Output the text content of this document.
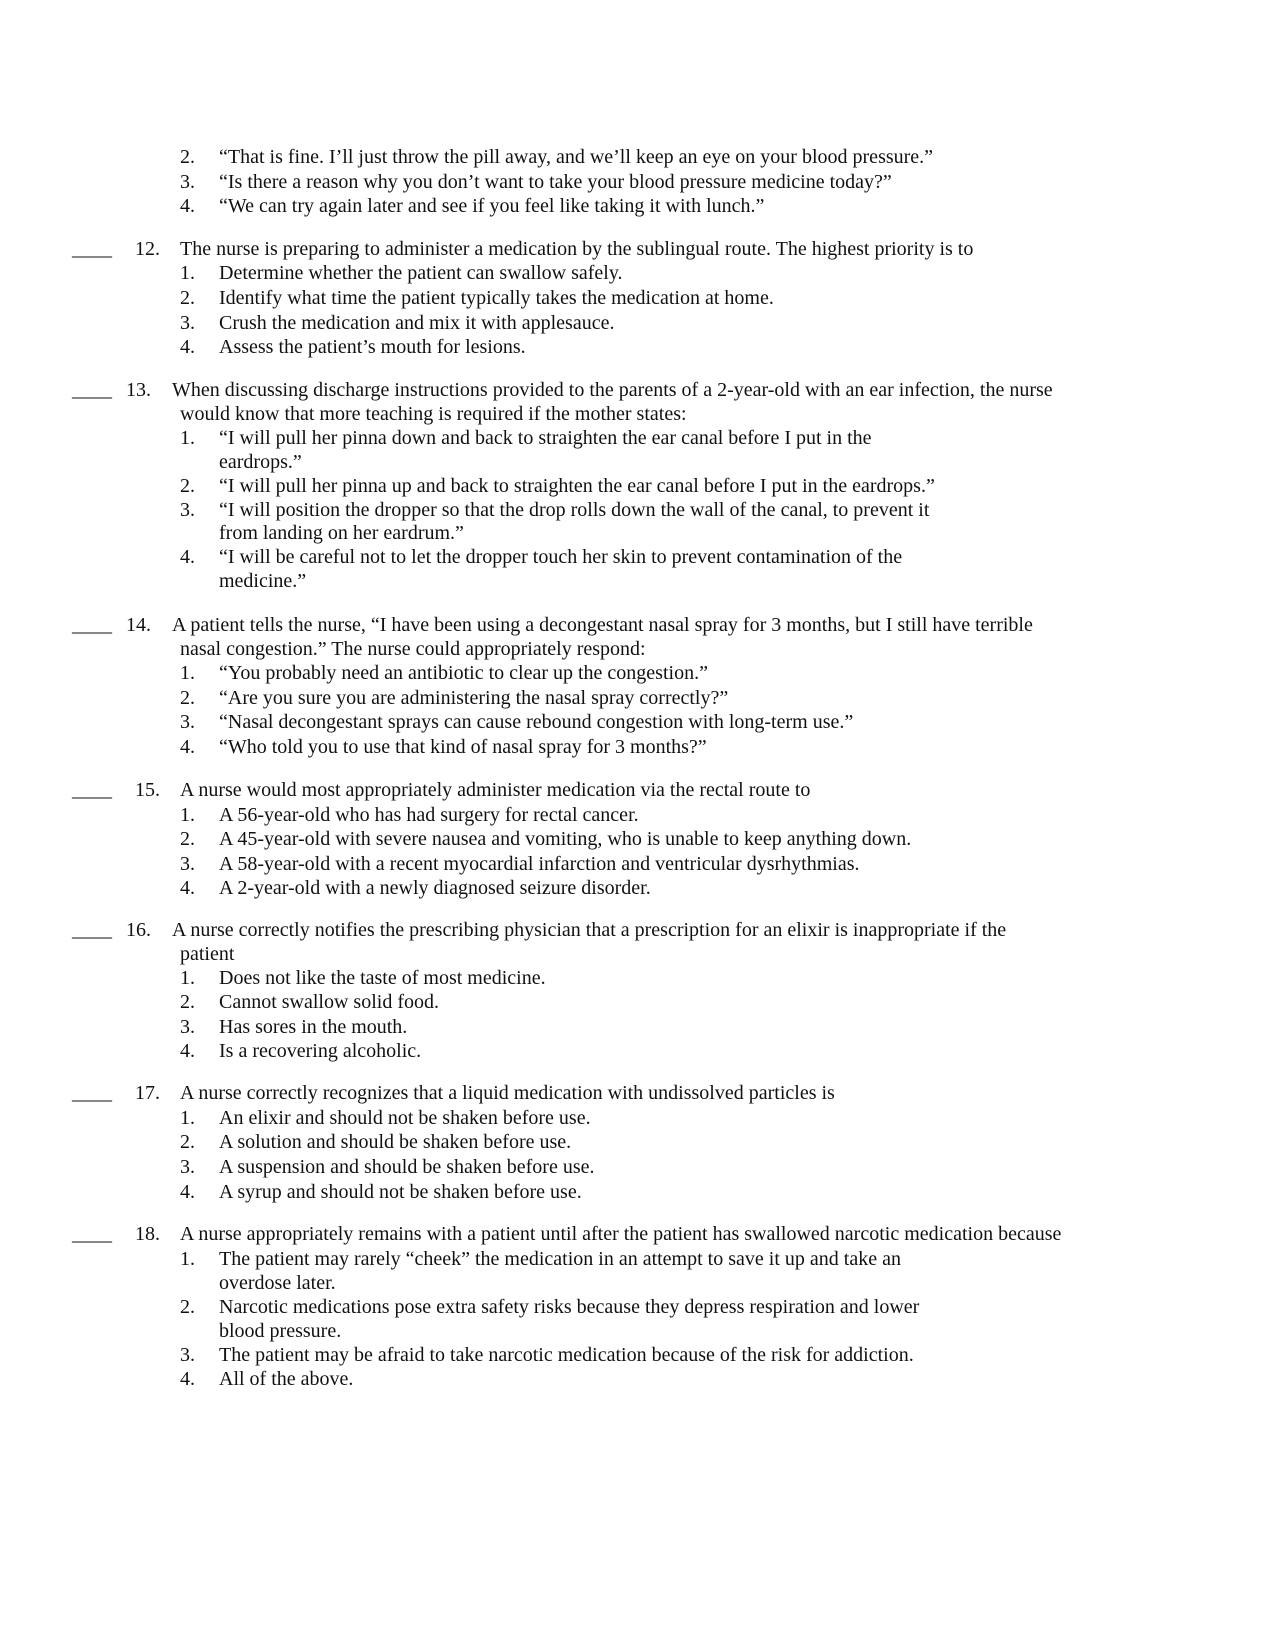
2. “That is fine. I’ll just throw the pill away, and we’ll keep an eye on your blood pressure.”
3. “Is there a reason why you don’t want to take your blood pressure medicine today?”
4. “We can try again later and see if you feel like taking it with lunch.”
____ 12. The nurse is preparing to administer a medication by the sublingual route. The highest priority is to
1. Determine whether the patient can swallow safely.
2. Identify what time the patient typically takes the medication at home.
3. Crush the medication and mix it with applesauce.
4. Assess the patient’s mouth for lesions.
____ 13. When discussing discharge instructions provided to the parents of a 2-year-old with an ear infection, the nurse
would know that more teaching is required if the mother states:
1. “I will pull her pinna down and back to straighten the ear canal before I put in the
eardrops.”
2. “I will pull her pinna up and back to straighten the ear canal before I put in the eardrops.”
3. “I will position the dropper so that the drop rolls down the wall of the canal, to prevent it
from landing on her eardrum.”
4. “I will be careful not to let the dropper touch her skin to prevent contamination of the
medicine.”
____ 14. A patient tells the nurse, “I have been using a decongestant nasal spray for 3 months, but I still have terrible
nasal congestion.” The nurse could appropriately respond:
1. “You probably need an antibiotic to clear up the congestion.”
2. “Are you sure you are administering the nasal spray correctly?”
3. “Nasal decongestant sprays can cause rebound congestion with long-term use.”
4. “Who told you to use that kind of nasal spray for 3 months?”
____ 15. A nurse would most appropriately administer medication via the rectal route to
1. A 56-year-old who has had surgery for rectal cancer.
2. A 45-year-old with severe nausea and vomiting, who is unable to keep anything down.
3. A 58-year-old with a recent myocardial infarction and ventricular dysrhythmias.
4. A 2-year-old with a newly diagnosed seizure disorder.
____ 16. A nurse correctly notifies the prescribing physician that a prescription for an elixir is inappropriate if the
patient
1. Does not like the taste of most medicine.
2. Cannot swallow solid food.
3. Has sores in the mouth.
4. Is a recovering alcoholic.
____ 17. A nurse correctly recognizes that a liquid medication with undissolved particles is
1. An elixir and should not be shaken before use.
2. A solution and should be shaken before use.
3. A suspension and should be shaken before use.
4. A syrup and should not be shaken before use.
____ 18. A nurse appropriately remains with a patient until after the patient has swallowed narcotic medication because
1. The patient may rarely “cheek” the medication in an attempt to save it up and take an
overdose later.
2. Narcotic medications pose extra safety risks because they depress respiration and lower
blood pressure.
3. The patient may be afraid to take narcotic medication because of the risk for addiction.
4. All of the above.
